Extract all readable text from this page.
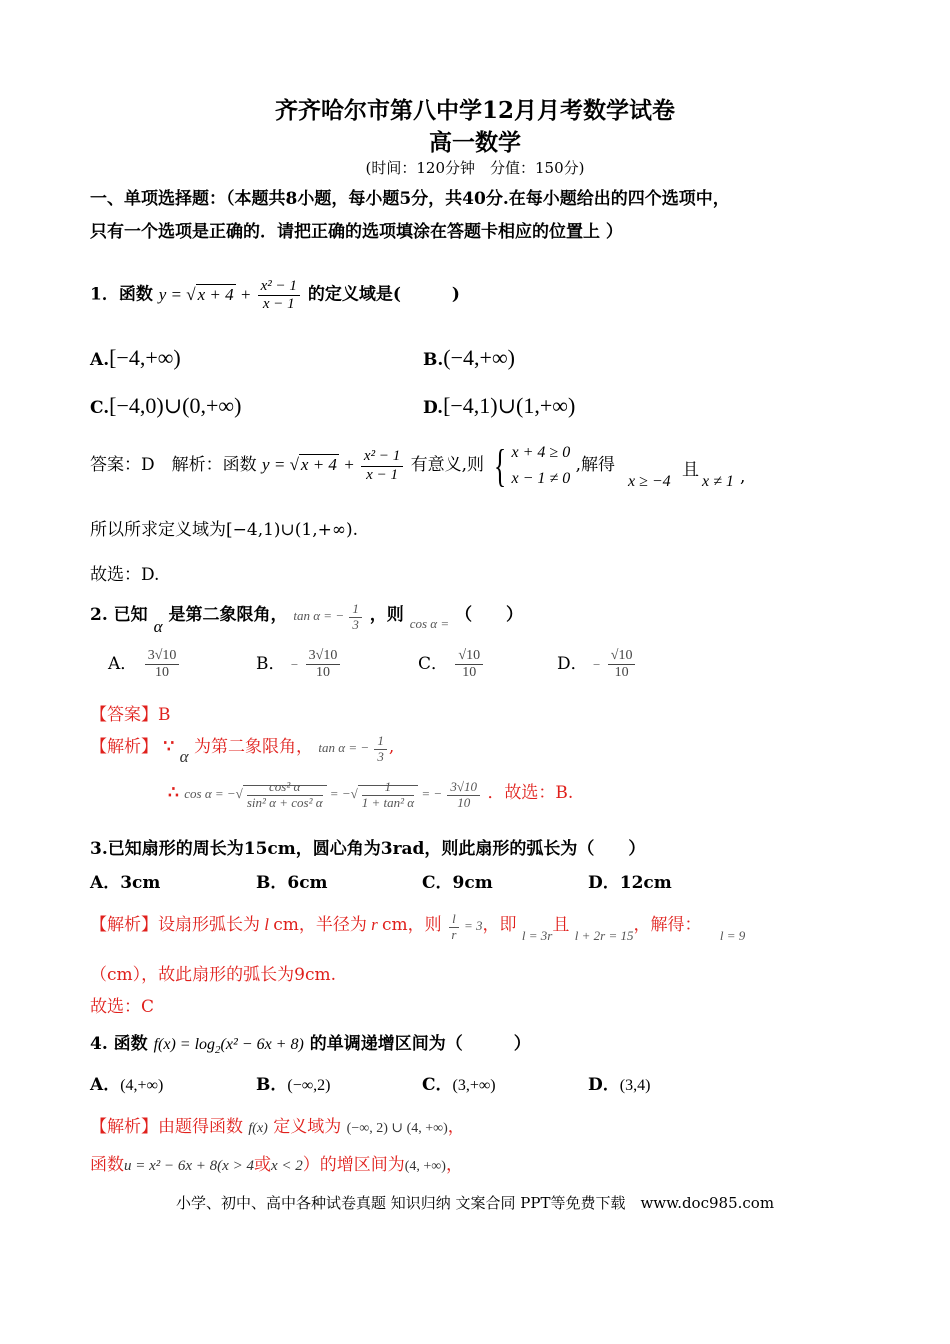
齐齐哈尔市第八中学12月月考数学试卷
高一数学
(时间：120分钟　分值：150分)
一、单项选择题：（本题共8小题，每小题5分，共40分.在每小题给出的四个选项中，
只有一个选项是正确的．请把正确的选项填涂在答题卡相应的位置上 ）
1．函数 y = √ $x + 4 + \frac{\text{x² − 1}}{x - 1}$ 的定义域是(　　　)
A.[−4,+∞)	B.(−4,+∞)
C.[−4,0)∪(0,+∞)	D.[−4,1)∪(1,+∞)
答案：D　解析：函数 y = √ $x + 4 + \frac{\text{x² − 1}}{x - 1}$ 有意义,则 { x + 4 ≥ 0
x − 1 ≠ 0 ,解得
x ≥ −4
且
x ≠ 1 ,
所以所求定义域为[−4,1)∪(1,+∞).
故选：D.
2. 已知 α 是第二象限角， tan α = − $\frac{1}{3}$ ，则 $_{cos \alpha =}$ （　　）
A． $\frac{3√10}{10}$	B． − $\frac{3√10}{10}$	C． $\frac{√10}{10}$	D． − $\frac{√10}{10}$
【答案】B
【解析】 ∵ α 为第二象限角， tan α = − $\frac{1}{3}$ ,
∴ cos α = −√ $\frac{\text{cos² α}}{\text{sin² α + cos² α}}$ = −√ $\frac{1}{\text{1 + tan² α}}$ = − $\frac{3√10}{10}$ ．故选：B.
3.已知扇形的周长为15cm，圆心角为3rad，则此扇形的弧长为（　　）
A．3cm	B．6cm	C．9cm	D．12cm
【解析】设扇形弧长为 l cm，半径为 r cm，则 $\frac{l}{r} = 3$，即 $_{l = 3r}$且 $_{l + 2r = 15}$，解得： 　$_{l = 9}$
（cm），故此扇形的弧长为9cm.
故选：C
4. 函数 $f(x) = \log_2(x^2 - 6x + 8)$ 的单调递增区间为（　　　）
A．(4,+∞)	B．(−∞,2)	C．(3,+∞)	D．(3,4)
【解析】由题得函数 f(x) 定义域为 (−∞, 2) ∪ (4, +∞)，
函数u = x² − 6x + 8(x > 4或x < 2）的增区间为(4, +∞)，
小学、初中、高中各种试卷真题 知识归纳 文案合同 PPT等免费下载　www.doc985.com
